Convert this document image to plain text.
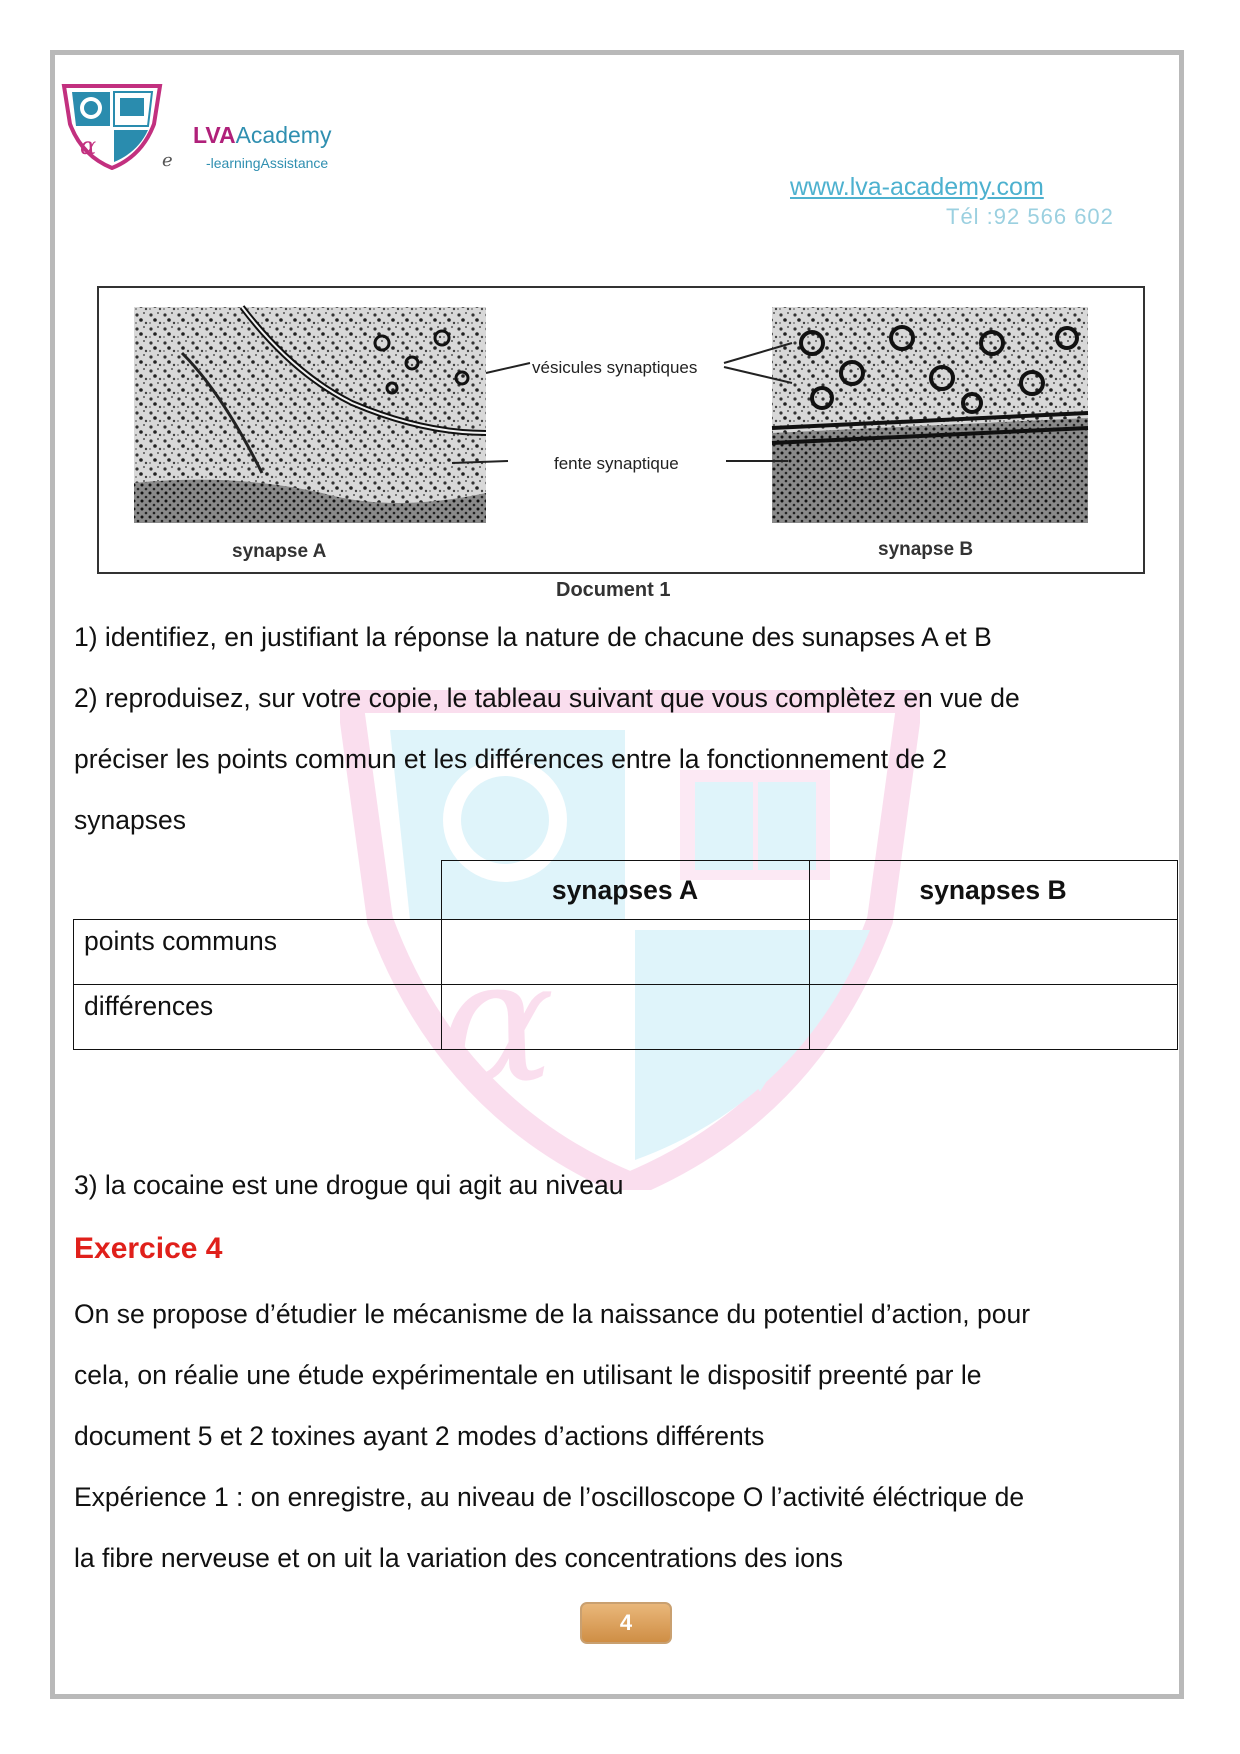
α	LVAAcademy
e -learningAssistance
www.lva-academy.com
Tél :92 566 602
vésicules synaptiques
fente synaptique
synapse A	synapse B
Document 1
α
1) identifiez, en justifiant la réponse la nature de chacune des sunapses A et B
2) reproduisez, sur votre copie, le tableau suivant que vous complètez en vue de
préciser les points commun et les différences entre la fonctionnement de 2
synapses
	synapses A	synapses B
points communs		
différences		
3) la cocaine est une drogue qui agit au niveau
Exercice 4
On se propose d’étudier le mécanisme de la naissance du potentiel d’action, pour
cela, on réalie une étude expérimentale en utilisant le dispositif preenté par le
document 5 et 2 toxines ayant 2 modes d’actions différents
Expérience 1 : on enregistre, au niveau de l’oscilloscope O l’activité éléctrique de
la fibre nerveuse et on uit la variation des concentrations des ions
4
